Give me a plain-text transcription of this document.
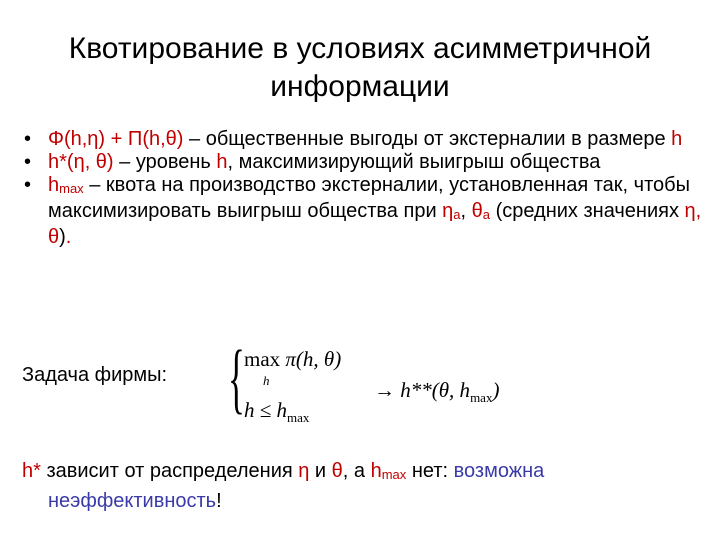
Квотирование в условиях асимметричной
информации
• Φ(h,η) + Π(h,θ) – общественные выгоды от экстерналии в размере h
• h*(η, θ) – уровень h, максимизирующий выигрыш общества
• $h_{max}$ – квота на производство экстерналии, установленная так, чтобы максимизировать выигрыш общества при $\eta_a$, $\theta_a$ (средних значениях η, θ).
Задача фирмы: { max π(h, θ)
h
$h \le h_{max}$
→ h**(θ, $h_{max}$)
h* зависит от распределения η и θ, а $h_{max}$ нет: возможна
неэффективность!
